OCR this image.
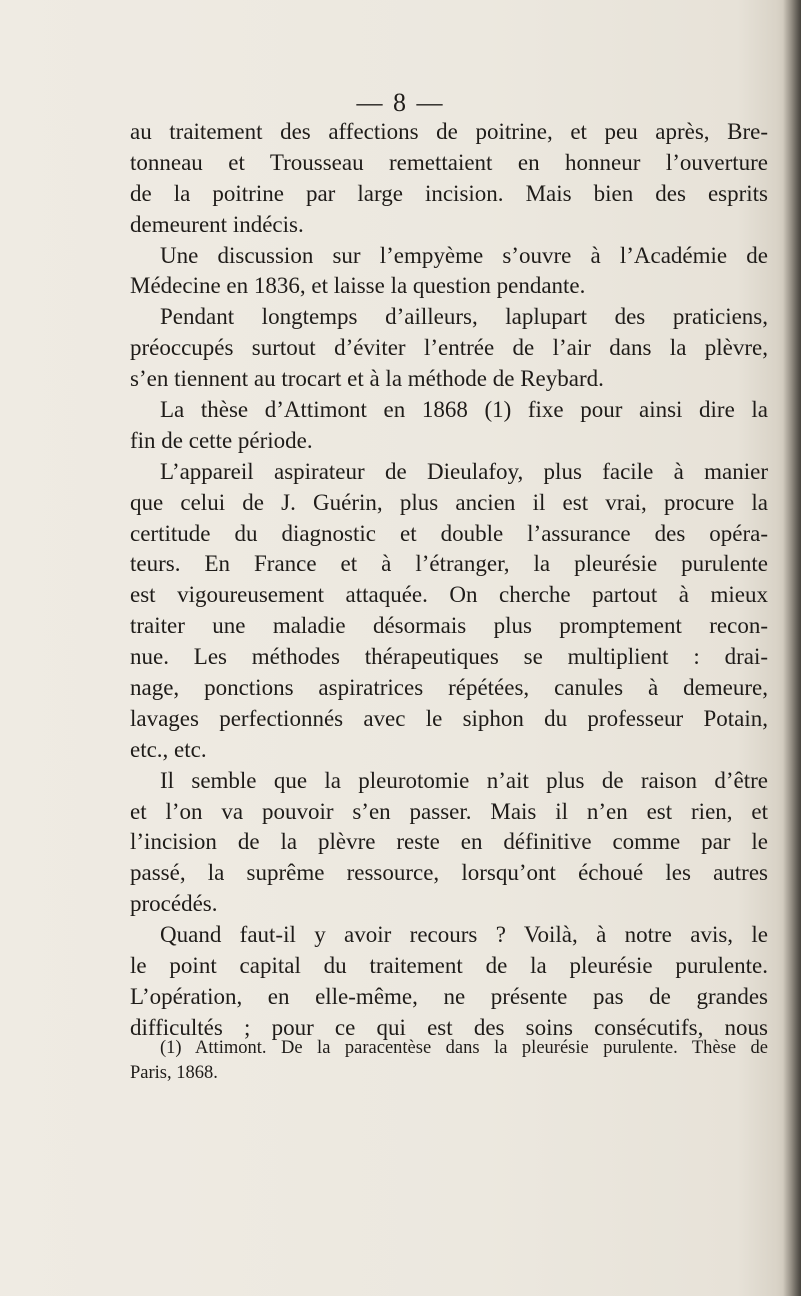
— 8 —
au traitement des affections de poitrine, et peu après, Bre-
tonneau et Trousseau remettaient en honneur l’ouverture
de la poitrine par large incision. Mais bien des esprits
demeurent indécis.
Une discussion sur l’empyème s’ouvre à l’Académie de
Médecine en 1836, et laisse la question pendante.
Pendant longtemps d’ailleurs, laplupart des praticiens,
préoccupés surtout d’éviter l’entrée de l’air dans la plèvre,
s’en tiennent au trocart et à la méthode de Reybard.
La thèse d’Attimont en 1868 (1) fixe pour ainsi dire la
fin de cette période.
L’appareil aspirateur de Dieulafoy, plus facile à manier
que celui de J. Guérin, plus ancien il est vrai, procure la
certitude du diagnostic et double l’assurance des opéra-
teurs. En France et à l’étranger, la pleurésie purulente
est vigoureusement attaquée. On cherche partout à mieux
traiter une maladie désormais plus promptement recon-
nue. Les méthodes thérapeutiques se multiplient : drai-
nage, ponctions aspiratrices répétées, canules à demeure,
lavages perfectionnés avec le siphon du professeur Potain,
etc., etc.
Il semble que la pleurotomie n’ait plus de raison d’être
et l’on va pouvoir s’en passer. Mais il n’en est rien, et
l’incision de la plèvre reste en définitive comme par le
passé, la suprême ressource, lorsqu’ont échoué les autres
procédés.
Quand faut-il y avoir recours ? Voilà, à notre avis, le
le point capital du traitement de la pleurésie purulente.
L’opération, en elle-même, ne présente pas de grandes
difficultés ; pour ce qui est des soins consécutifs, nous
(1) Attimont. De la paracentèse dans la pleurésie purulente. Thèse de
Paris, 1868.
